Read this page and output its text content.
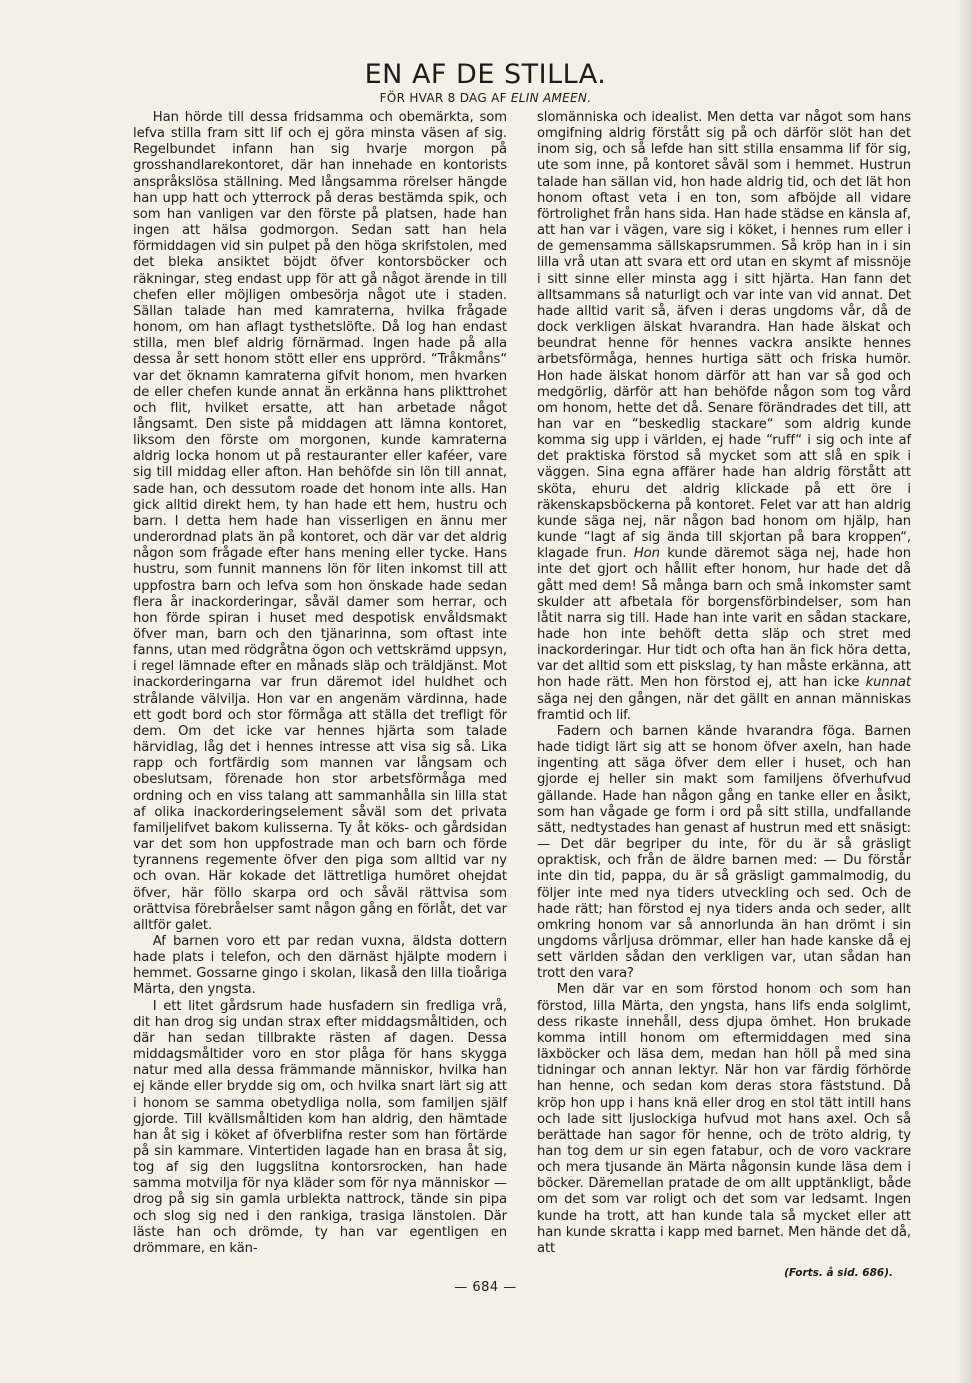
EN AF DE STILLA.
FÖR HVAR 8 DAG AF ELIN AMEEN.

Han hörde till dessa fridsamma och obemärkta, som lefva stilla fram sitt lif och ej göra minsta väsen af sig. Regelbundet infann han sig hvarje morgon på grosshandlarekontoret, där han innehade en kontorists anspråkslösa ställning. Med långsamma rörelser hängde han upp hatt och ytterrock på deras bestämda spik, och som han vanligen var den förste på platsen, hade han ingen att hälsa godmorgon. Sedan satt han hela förmiddagen vid sin pulpet på den höga skrifstolen, med det bleka ansiktet böjdt öfver kontorsböcker och räkningar, steg endast upp för att gå något ärende in till chefen eller möjligen ombesörja något ute i staden. Sällan talade han med kamraterna, hvilka frågade honom, om han aflagt tysthetslöfte. Då log han endast stilla, men blef aldrig förnärmad. Ingen hade på alla dessa år sett honom stött eller ens upprörd. “Tråkmåns“ var det öknamn kamraterna gifvit honom, men hvarken de eller chefen kunde annat än erkänna hans plikttrohet och flit, hvilket ersatte, att han arbetade något långsamt. Den siste på middagen att lämna kontoret, liksom den förste om morgonen, kunde kamraterna aldrig locka honom ut på restauranter eller kaféer, vare sig till middag eller afton. Han behöfde sin lön till annat, sade han, och dessutom roade det honom inte alls. Han gick alltid direkt hem, ty han hade ett hem, hustru och barn. I detta hem hade han visserligen en ännu mer underordnad plats än på kontoret, och där var det aldrig någon som frågade efter hans mening eller tycke. Hans hustru, som funnit mannens lön för liten inkomst till att uppfostra barn och lefva som hon önskade hade sedan flera år inackorderingar, såväl damer som herrar, och hon förde spiran i huset med despotisk envåldsmakt öfver man, barn och den tjänarinna, som oftast inte fanns, utan med rödgråtna ögon och vettskrämd uppsyn, i regel lämnade efter en månads släp och träldjänst. Mot inackorderingarna var frun däremot idel huldhet och strålande välvilja. Hon var en angenäm värdinna, hade ett godt bord och stor förmåga att ställa det trefligt för dem. Om det icke var hennes hjärta som talade härvidlag, låg det i hennes intresse att visa sig så. Lika rapp och fortfärdig som mannen var långsam och obeslutsam, förenade hon stor arbetsförmåga med ordning och en viss talang att sammanhålla sin lilla stat af olika inackorderingselement såväl som det privata familjelifvet bakom kulisserna. Ty åt köks- och gårdsidan var det som hon uppfostrade man och barn och förde tyrannens regemente öfver den piga som alltid var ny och ovan. Här kokade det lättretliga humöret ohejdat öfver, här föllo skarpa ord och såväl rättvisa som orättvisa förebråelser samt någon gång en förlåt, det var alltför galet.

Af barnen voro ett par redan vuxna, äldsta dottern hade plats i telefon, och den därnäst hjälpte modern i hemmet. Gossarne gingo i skolan, likaså den lilla tioåriga Märta, den yngsta.

I ett litet gårdsrum hade husfadern sin fredliga vrå, dit han drog sig undan strax efter middagsmåltiden, och där han sedan tillbrakte rästen af dagen. Dessa middagsmåltider voro en stor plåga för hans skygga natur med alla dessa främmande människor, hvilka han ej kände eller brydde sig om, och hvilka snart lärt sig att i honom se samma obetydliga nolla, som familjen själf gjorde. Till kvällsmåltiden kom han aldrig, den hämtade han åt sig i köket af öfverblifna rester som han förtärde på sin kammare. Vintertiden lagade han en brasa åt sig, tog af sig den luggslitna kontorsrocken, han hade samma motvilja för nya kläder som för nya människor — drog på sig sin gamla urblekta nattrock, tände sin pipa och slog sig ned i den rankiga, trasiga länstolen. Där läste han och drömde, ty han var egentligen en drömmare, en kän-

slomänniska och idealist. Men detta var något som hans omgifning aldrig förstått sig på och därför slöt han det inom sig, och så lefde han sitt stilla ensamma lif för sig, ute som inne, på kontoret såväl som i hemmet. Hustrun talade han sällan vid, hon hade aldrig tid, och det lät hon honom oftast veta i en ton, som afböjde all vidare förtrolighet från hans sida. Han hade städse en känsla af, att han var i vägen, vare sig i köket, i hennes rum eller i de gemensamma sällskapsrummen. Så kröp han in i sin lilla vrå utan att svara ett ord utan en skymt af missnöje i sitt sinne eller minsta agg i sitt hjärta. Han fann det alltsammans så naturligt och var inte van vid annat. Det hade alltid varit så, äfven i deras ungdoms vår, då de dock verkligen älskat hvarandra. Han hade älskat och beundrat henne för hennes vackra ansikte hennes arbetsförmåga, hennes hurtiga sätt och friska humör. Hon hade älskat honom därför att han var så god och medgörlig, därför att han behöfde någon som tog vård om honom, hette det då. Senare förändrades det till, att han var en “beskedlig stackare“ som aldrig kunde komma sig upp i världen, ej hade “ruff“ i sig och inte af det praktiska förstod så mycket som att slå en spik i väggen. Sina egna affärer hade han aldrig förstått att sköta, ehuru det aldrig klickade på ett öre i räkenskapsböckerna på kontoret. Felet var att han aldrig kunde säga nej, när någon bad honom om hjälp, han kunde “lagt af sig ända till skjortan på bara kroppen“, klagade frun. Hon kunde däremot säga nej, hade hon inte det gjort och hållit efter honom, hur hade det då gått med dem! Så många barn och små inkomster samt skulder att afbetala för borgensförbindelser, som han låtit narra sig till. Hade han inte varit en sådan stackare, hade hon inte behöft detta släp och stret med inackorderingar. Hur tidt och ofta han än fick höra detta, var det alltid som ett piskslag, ty han måste erkänna, att hon hade rätt. Men hon förstod ej, att han icke kunnat säga nej den gången, när det gällt en annan människas framtid och lif.

Fadern och barnen kände hvarandra föga. Barnen hade tidigt lärt sig att se honom öfver axeln, han hade ingenting att säga öfver dem eller i huset, och han gjorde ej heller sin makt som familjens öfverhufvud gällande. Hade han någon gång en tanke eller en åsikt, som han vågade ge form i ord på sitt stilla, undfallande sätt, nedtystades han genast af hustrun med ett snäsigt: — Det där begriper du inte, för du är så gräsligt opraktisk, och från de äldre barnen med: — Du förstår inte din tid, pappa, du är så gräsligt gammalmodig, du följer inte med nya tiders utveckling och sed. Och de hade rätt; han förstod ej nya tiders anda och seder, allt omkring honom var så annorlunda än han drömt i sin ungdoms vårljusa drömmar, eller han hade kanske då ej sett världen sådan den verkligen var, utan sådan han trott den vara?

Men där var en som förstod honom och som han förstod, lilla Märta, den yngsta, hans lifs enda solglimt, dess rikaste innehåll, dess djupa ömhet. Hon brukade komma intill honom om eftermiddagen med sina läxböcker och läsa dem, medan han höll på med sina tidningar och annan lektyr. När hon var färdig förhörde han henne, och sedan kom deras stora fäststund. Då kröp hon upp i hans knä eller drog en stol tätt intill hans och lade sitt ljuslockiga hufvud mot hans axel. Och så berättade han sagor för henne, och de tröto aldrig, ty han tog dem ur sin egen fatabur, och de voro vackrare och mera tjusande än Märta någonsin kunde läsa dem i böcker. Däremellan pratade de om allt upptänkligt, både om det som var roligt och det som var ledsamt. Ingen kunde ha trott, att han kunde tala så mycket eller att han kunde skratta i kapp med barnet. Men hände det då, att

(Forts. å sid. 686).
— 684 —
